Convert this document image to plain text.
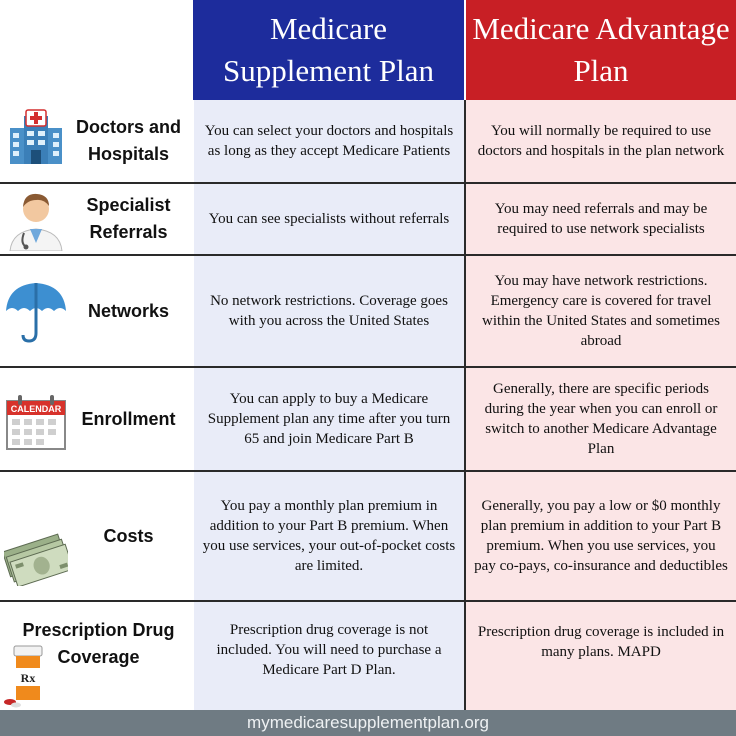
Medicare Supplement Plan
Medicare Advantage Plan
Doctors and Hospitals
You can select your doctors and hospitals as long as they accept Medicare Patients
You will normally be required to use doctors and hospitals in the plan network
Specialist Referrals
You can see specialists without referrals
You may need referrals and may be required to use network specialists
Networks	No network restrictions. Coverage goes with you across the United States
You may have network restrictions. Emergency care is covered for travel within the United States and sometimes abroad
CALENDAR	Enrollment
You can apply to buy a Medicare Supplement plan any time after you turn 65 and join Medicare Part B
Generally, there are specific periods during the year when you can enroll or switch to another Medicare Advantage Plan
Costs
You pay a monthly plan premium in addition to your Part B premium. When you use services, your out-of-pocket costs are limited.
Generally, you pay a low or $0 monthly plan premium in addition to your Part B premium. When you use services, you pay co-pays, co-insurance and deductibles
Rx
Prescription Drug Coverage
Prescription drug coverage is not included. You will need to purchase a Medicare Part D Plan.
Prescription drug coverage is included in many plans. MAPD
mymedicaresupplementplan.org
